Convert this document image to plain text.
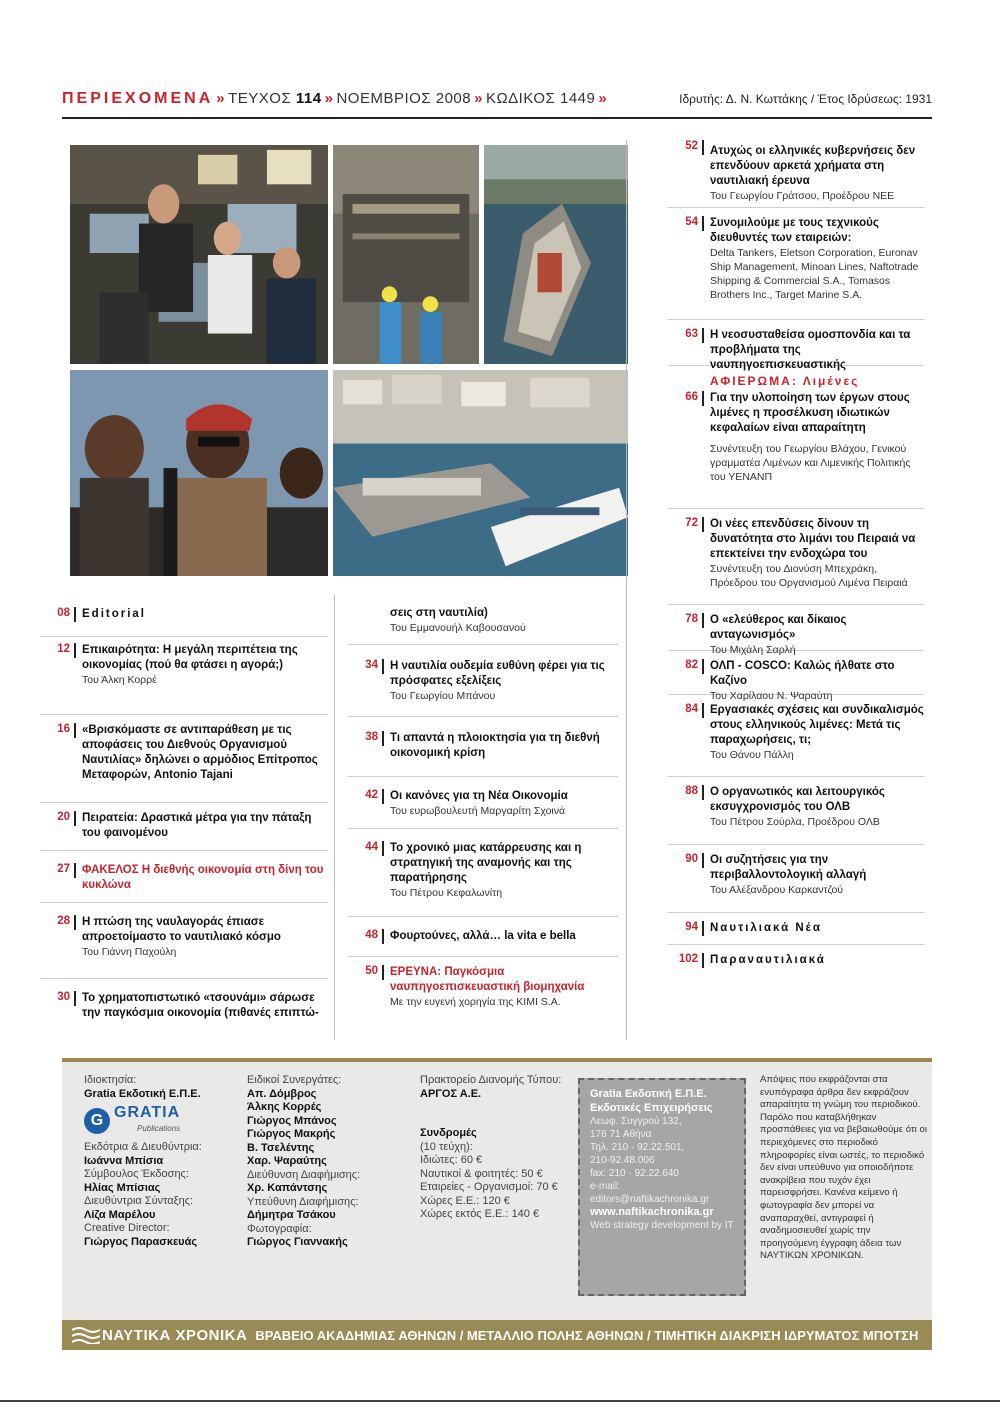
ΠΕΡΙΕΧΟΜΕΝΑ » ΤΕΥΧΟΣ 114 » ΝΟΕΜΒΡΙΟΣ 2008 » ΚΩΔΙΚΟΣ 1449 »	Ιδρυτής: Δ. Ν. Κωττάκης / Έτος Ιδρύσεως: 1931
52 Ατυχώς οι ελληνικές κυβερνήσεις δεν επενδύουν αρκετά χρήματα στη ναυτιλιακή έρευνα
Του Γεωργίου Γράτσου, Προέδρου ΝΕΕ
54 Συνομιλούμε με τους τεχνικούς διευθυντές των εταιρειών:
Delta Tankers, Eletson Corporation, Euronav Ship Management, Minoan Lines, Naftotrade Shipping & Commercial S.A., Tomasos Brothers Inc., Target Marine S.A.
63 Η νεοσυσταθείσα ομοσπονδία και τα προβλήματα της ναυπηγοεπισκευαστικής
ΑΦΙΕΡΩΜΑ: Λιμένες
66 Για την υλοποίηση των έργων στους λιμένες η προσέλκυση ιδιωτικών κεφαλαίων είναι απαραίτητη
Συνέντευξη του Γεωργίου Βλάχου, Γενικού γραμματέα Λιμένων και Λιμενικής Πολιτικής του ΥΕΝΑΝΠ
72 Οι νέες επενδύσεις δίνουν τη δυνατότητα στο λιμάνι του Πειραιά να επεκτείνει την ενδοχώρα του
Συνέντευξη του Διονύση Μπεχράκη, Πρόεδρου του Οργανισμού Λιμένα Πειραιά
78 Ο «ελεύθερος και δίκαιος ανταγωνισμός»
Του Μιχάλη Σαρλή
82 ΟΛΠ - COSCO: Καλώς ήλθατε στο Καζίνο
Του Χαρίλαου Ν. Ψαραύτη
84 Εργασιακές σχέσεις και συνδικαλισμός στους ελληνικούς λιμένες: Μετά τις παραχωρήσεις, τι;
Του Θάνου Πάλλη
88 Ο οργανωτικός και λειτουργικός εκσυγχρονισμός του ΟΛΒ
Του Πέτρου Σούρλα, Προέδρου ΟΛΒ
90 Οι συζητήσεις για την περιβαλλοντολογική αλλαγή
Του Αλέξανδρου Καρκαντζού
94 Ναυτιλιακά Νέα
102 Παραναυτιλιακά
08 Editorial
12 Επικαιρότητα: Η μεγάλη περιπέτεια της οικονομίας (πού θα φτάσει η αγορά;)
Του Άλκη Κορρέ
16 «Βρισκόμαστε σε αντιπαράθεση με τις αποφάσεις του Διεθνούς Οργανισμού Ναυτιλίας» δηλώνει ο αρμόδιος Επίτροπος Μεταφορών, Antonio Tajani
20 Πειρατεία: Δραστικά μέτρα για την πάταξη του φαινομένου
27 ΦΑΚΕΛΟΣ Η διεθνής οικονομία στη δίνη του κυκλώνα
28 Η πτώση της ναυλαγοράς έπιασε απροετοίμαστο το ναυτιλιακό κόσμο
Του Γιάννη Παχούλη
30 Το χρηματοπιστωτικό «τσουνάμι» σάρωσε την παγκόσμια οικονομία (πιθανές επιπτώ-
σεις στη ναυτιλία)
Του Εμμανουήλ Καβουσανού
34 Η ναυτιλία ουδεμία ευθύνη φέρει για τις πρόσφατες εξελίξεις
Του Γεωργίου Μπάνου
38 Τι απαντά η πλοιοκτησία για τη διεθνή οικονομική κρίση
42 Οι κανόνες για τη Νέα Οικονομία
Του ευρωβουλευτή Μαργαρίτη Σχοινά
44 Το χρονικό μιας κατάρρευσης και η στρατηγική της αναμονής και της παρατήρησης
Του Πέτρου Κεφαλωνίτη
48 Φουρτούνες, αλλά… la vita e bella
50 ΕΡΕΥΝΑ: Παγκόσμια ναυπηγοεπισκευαστική βιομηχανία
Με την ευγενή χορηγία της ΚΙΜΙ S.A.
Ιδιοκτησία:
Gratia Εκδοτική Ε.Π.Ε.
G GRATIA
Publications
Εκδότρια & Διευθύντρια:
Ιωάννα Μπίσια
Σύμβουλος Έκδοσης:
Ηλίας Μπίσιας
Διευθύντρια Σύνταξης:
Λίζα Μαρέλου
Creative Director:
Γιώργος Παρασκευάς
Ειδικοί Συνεργάτες:
Απ. Δόμβρος
Άλκης Κορρές
Γιώργος Μπάνος
Γιώργος Μακρής
Β. Τσελέντης
Χαρ. Ψαραύτης
Διεύθυνση Διαφήμισης:
Χρ. Καπάντσης
Υπεύθυνη Διαφήμισης:
Δήμητρα Τσάκου
Φωτογραφία:
Γιώργος Γιαννακής
Πρακτορείο Διανομής Τύπου:
ΑΡΓΟΣ Α.Ε.
Συνδρομές
(10 τεύχη):
Ιδιώτες: 60 €
Ναυτικοί & φοιτητές: 50 €
Εταιρείες - Οργανισμοί: 70 €
Χώρες Ε.Ε.: 120 €
Χώρες εκτός Ε.Ε.: 140 €
Gratia Εκδοτική Ε.Π.Ε.
Εκδοτικές Επιχειρήσεις
Λεωφ. Συγγρού 132,
176 71 Αθήνα
Τηλ. 210 - 92.22.501,
210-92.48.006
fax: 210 - 92.22.640
e-mail: editors@naftikachronika.gr
www.naftikachronika.gr
Web strategy development by IT
Απόψεις που εκφράζονται στα ενυπόγραφα άρθρα δεν εκφράζουν απαραίτητα τη γνώμη του περιοδικού. Παρόλο που καταβλήθηκαν προσπάθειες για να βεβαιωθούμε ότι οι περιεχόμενες στο περιοδικό πληροφορίες είναι ωστές, το περιοδικό δεν είναι υπεύθυνο για οποιοδήποτε ανακρίβεια που τυχόν έχει παρεισφρήσει. Κανένα κείμενο ή φωτογραφία δεν μπορεί να αναπαραχθεί, αντιγραφεί ή αναδημοσιευθεί χωρίς την προηγούμενη έγγραφη άδεια των ΝΑΥΤΙΚΩΝ ΧΡΟΝΙΚΩΝ.
ΝΑΥΤΙΚΑ ΧΡΟΝΙΚΑ ΒΡΑΒΕΙΟ ΑΚΑΔΗΜΙΑΣ ΑΘΗΝΩΝ / ΜΕΤΑΛΛΙΟ ΠΟΛΗΣ ΑΘΗΝΩΝ / ΤΙΜΗΤΙΚΗ ΔΙΑΚΡΙΣΗ ΙΔΡΥΜΑΤΟΣ ΜΠΟΤΣΗ
